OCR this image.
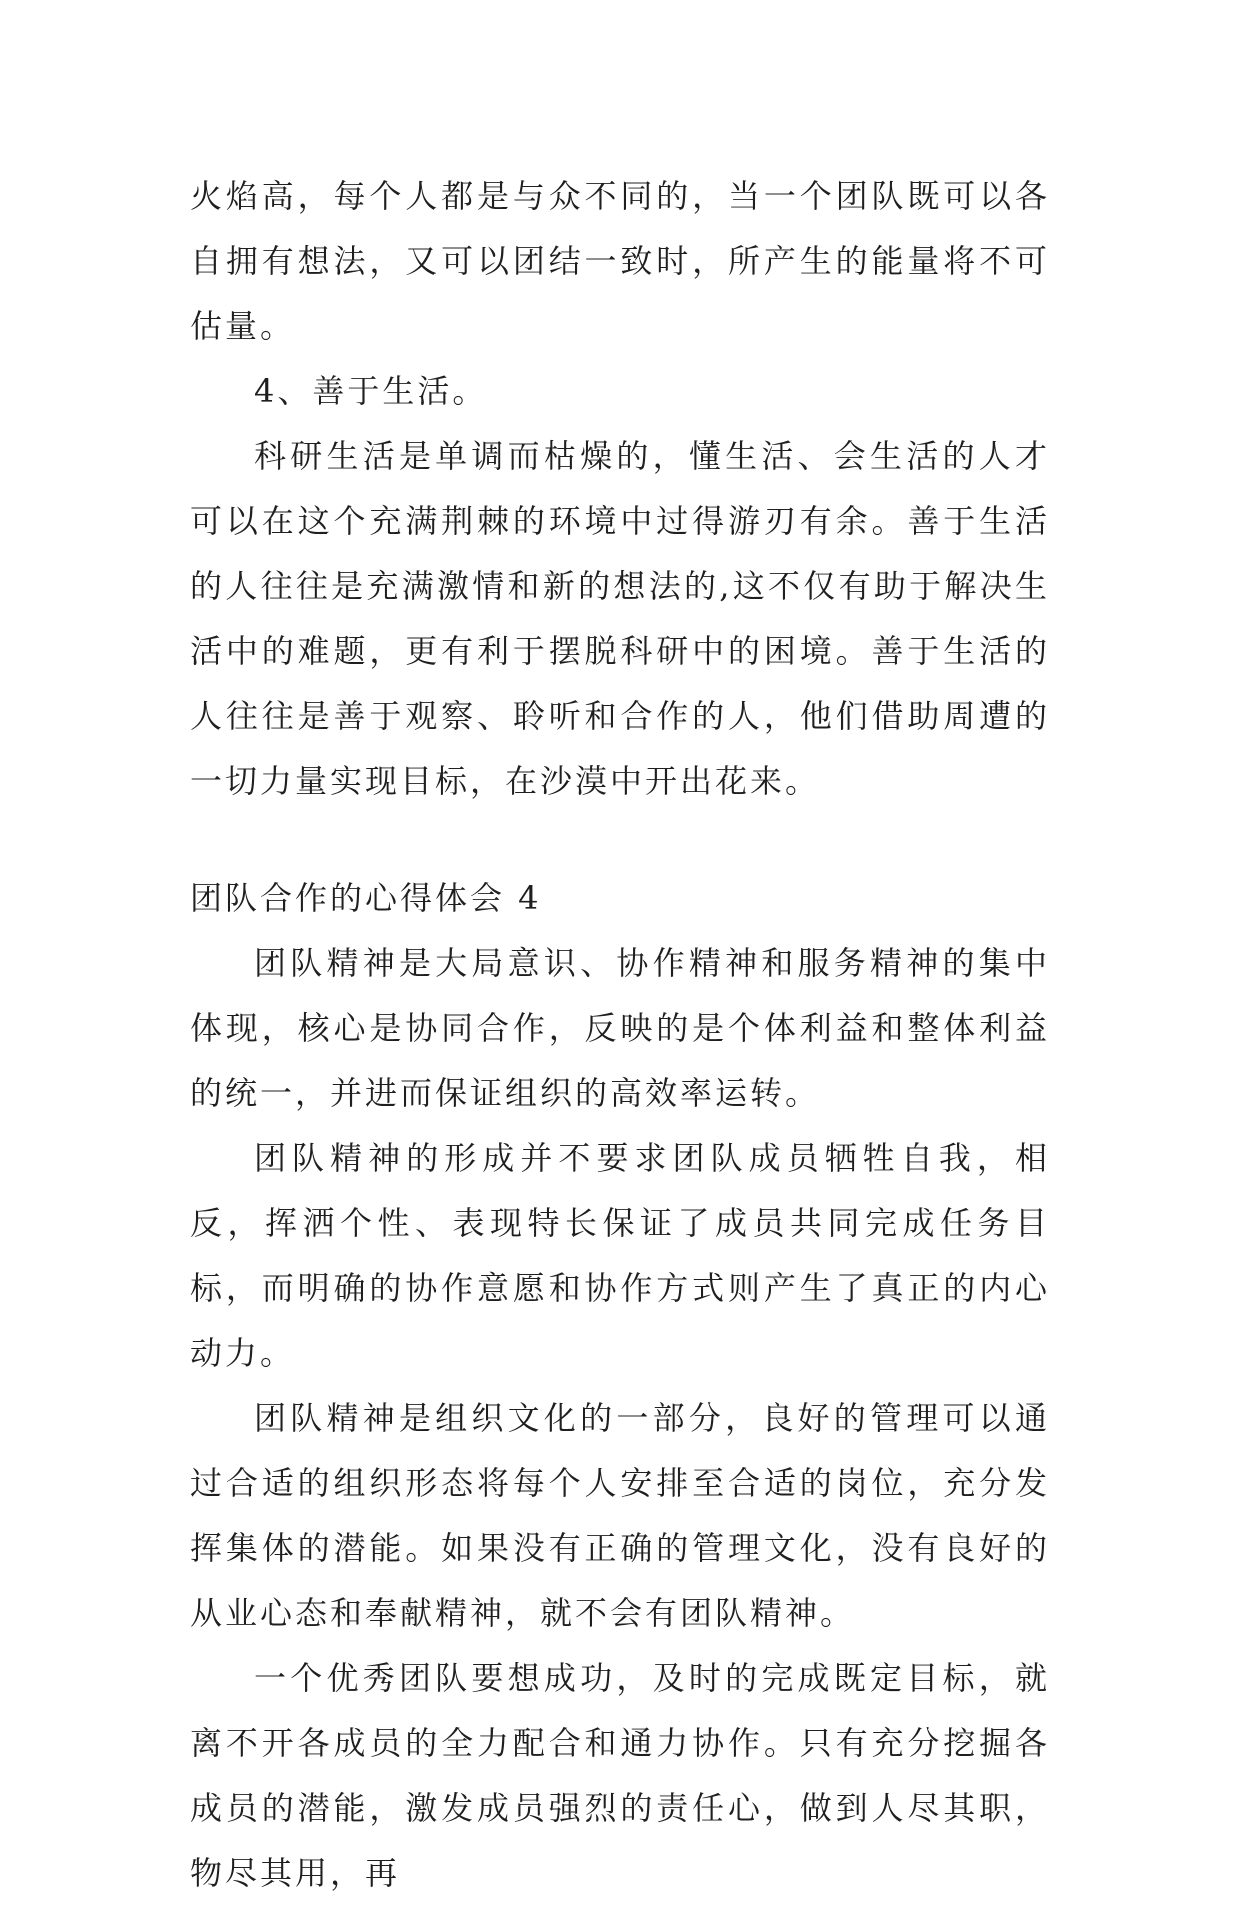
火焰高，每个人都是与众不同的，当一个团队既可以各自拥有想法，又可以团结一致时，所产生的能量将不可估量。

4、善于生活。

科研生活是单调而枯燥的，懂生活、会生活的人才可以在这个充满荆棘的环境中过得游刃有余。善于生活的人往往是充满激情和新的想法的,这不仅有助于解决生活中的难题，更有利于摆脱科研中的困境。善于生活的人往往是善于观察、聆听和合作的人，他们借助周遭的一切力量实现目标，在沙漠中开出花来。

团队合作的心得体会 4

团队精神是大局意识、协作精神和服务精神的集中体现，核心是协同合作，反映的是个体利益和整体利益的统一，并进而保证组织的高效率运转。

团队精神的形成并不要求团队成员牺牲自我，相反，挥洒个性、表现特长保证了成员共同完成任务目标，而明确的协作意愿和协作方式则产生了真正的内心动力。

团队精神是组织文化的一部分，良好的管理可以通过合适的组织形态将每个人安排至合适的岗位，充分发挥集体的潜能。如果没有正确的管理文化，没有良好的从业心态和奉献精神，就不会有团队精神。

一个优秀团队要想成功，及时的完成既定目标，就离不开各成员的全力配合和通力协作。只有充分挖掘各成员的潜能，激发成员强烈的责任心，做到人尽其职，物尽其用，再
